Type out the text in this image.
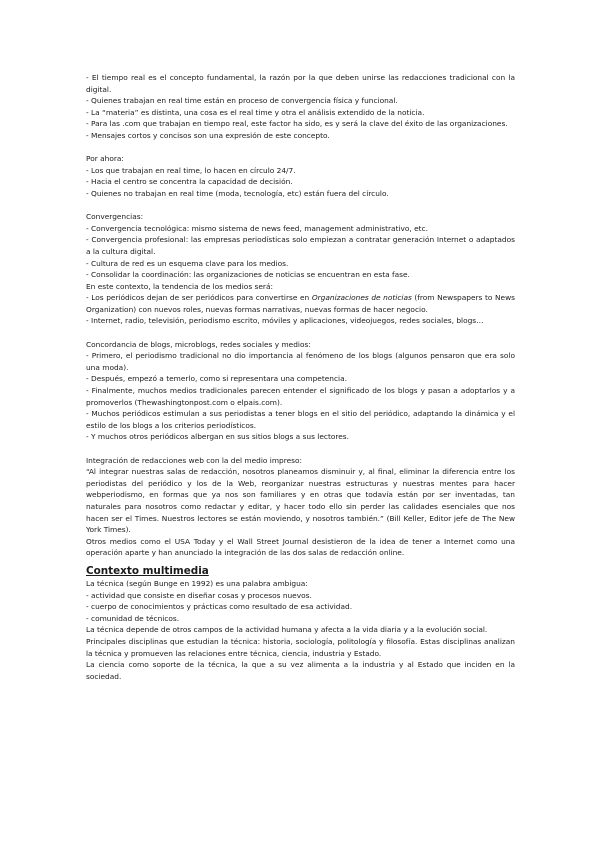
- El tiempo real es el concepto fundamental, la razón por la que deben unirse las redacciones tradicional con la digital.

- Quienes trabajan en real time están en proceso de convergencia física y funcional.

- La “materia” es distinta, una cosa es el real time y otra el análisis extendido de la noticia.

- Para las .com que trabajan en tiempo real, este factor ha sido, es y será la clave del éxito de las organizaciones.

- Mensajes cortos y concisos son una expresión de este concepto.

Por ahora:

- Los que trabajan en real time, lo hacen en círculo 24/7.

- Hacia el centro se concentra la capacidad de decisión.

- Quienes no trabajan en real time (moda, tecnología, etc) están fuera del círculo.

Convergencias:

- Convergencia tecnológica: mismo sistema de news feed, management administrativo, etc.

- Convergencia profesional: las empresas periodísticas solo empiezan a contratar generación Internet o adaptados a la cultura digital.

- Cultura de red es un esquema clave para los medios.

- Consolidar la coordinación: las organizaciones de noticias se encuentran en esta fase.

En este contexto, la tendencia de los medios será:

- Los periódicos dejan de ser periódicos para convertirse en Organizaciones de noticias (from Newspapers to News Organization) con nuevos roles, nuevas formas narrativas, nuevas formas de hacer negocio.

- Internet, radio, televisión, periodismo escrito, móviles y aplicaciones, videojuegos, redes sociales, blogs…

Concordancia de blogs, microblogs, redes sociales y medios:

- Primero, el periodismo tradicional no dio importancia al fenómeno de los blogs (algunos pensaron que era solo una moda).

- Después, empezó a temerlo, como si representara una competencia.

- Finalmente, muchos medios tradicionales parecen entender el significado de los blogs y pasan a adoptarlos y a promoverlos (Thewashingtonpost.com o elpais.com).

- Muchos periódicos estimulan a sus periodistas a tener blogs en el sitio del periódico, adaptando la dinámica y el estilo de los blogs a los criterios periodísticos.

- Y muchos otros periódicos albergan en sus sitios blogs a sus lectores.

Integración de redacciones web con la del medio impreso:

“Al integrar nuestras salas de redacción, nosotros planeamos disminuir y, al final, eliminar la diferencia entre los periodistas del periódico y los de la Web, reorganizar nuestras estructuras y nuestras mentes para hacer webperiodismo, en formas que ya nos son familiares y en otras que todavía están por ser inventadas, tan naturales para nosotros como redactar y editar, y hacer todo ello sin perder las calidades esenciales que nos hacen ser el Times. Nuestros lectores se están moviendo, y nosotros también.” (Bill Keller, Editor jefe de The New York Times).

Otros medios como el USA Today y el Wall Street Journal desistieron de la idea de tener a Internet como una operación aparte y han anunciado la integración de las dos salas de redacción online.

Contexto multimedia

La técnica (según Bunge en 1992) es una palabra ambigua:

- actividad que consiste en diseñar cosas y procesos nuevos.

- cuerpo de conocimientos y prácticas como resultado de esa actividad.

- comunidad de técnicos.

La técnica depende de otros campos de la actividad humana y afecta a la vida diaria y a la evolución social.

Principales disciplinas que estudian la técnica: historia, sociología, politología y filosofía. Estas disciplinas analizan la técnica y promueven las relaciones entre técnica, ciencia, industria y Estado.

La ciencia como soporte de la técnica, la que a su vez alimenta a la industria y al Estado que inciden en la sociedad.
